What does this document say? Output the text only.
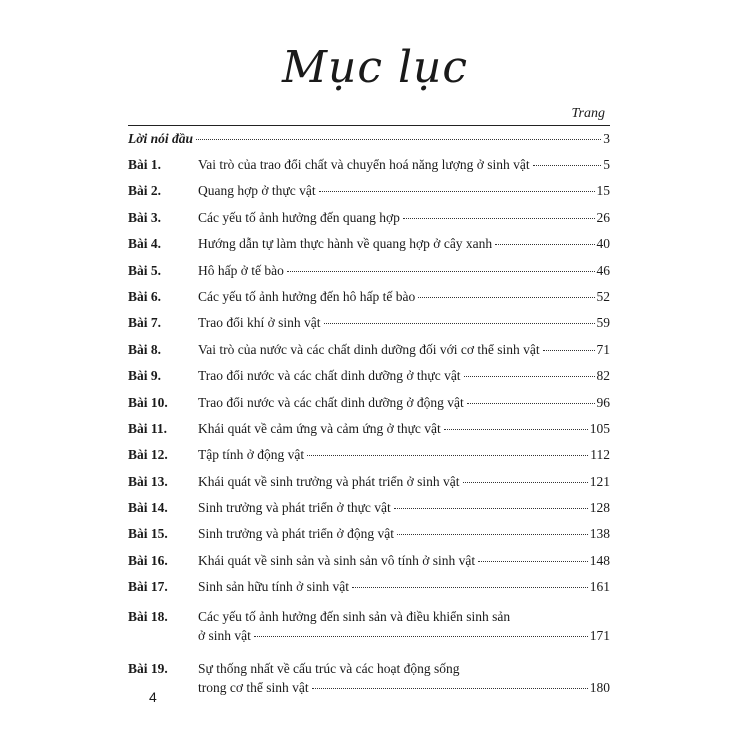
Mục lục
Trang
Lời nói đầu	3
Bài 1.	Vai trò của trao đổi chất và chuyển hoá năng lượng ở sinh vật	5
Bài 2.	Quang hợp ở thực vật	15
Bài 3.	Các yếu tố ảnh hưởng đến quang hợp	26
Bài 4.	Hướng dẫn tự làm thực hành về quang hợp ở cây xanh	40
Bài 5.	Hô hấp ở tế bào	46
Bài 6.	Các yếu tố ảnh hưởng đến hô hấp tế bào	52
Bài 7.	Trao đổi khí ở sinh vật	59
Bài 8.	Vai trò của nước và các chất dinh dưỡng đối với cơ thể sinh vật	71
Bài 9.	Trao đổi nước và các chất dinh dưỡng ở thực vật	82
Bài 10.	Trao đổi nước và các chất dinh dưỡng ở động vật	96
Bài 11.	Khái quát về cảm ứng và cảm ứng ở thực vật	105
Bài 12.	Tập tính ở động vật	112
Bài 13.	Khái quát về sinh trưởng và phát triển ở sinh vật	121
Bài 14.	Sinh trưởng và phát triển ở thực vật	128
Bài 15.	Sinh trưởng và phát triển ở động vật	138
Bài 16.	Khái quát về sinh sản và sinh sản vô tính ở sinh vật	148
Bài 17.	Sinh sản hữu tính ở sinh vật	161
Bài 18.	Các yếu tố ảnh hưởng đến sinh sản và điều khiển sinh sản
ở sinh vật	171
Bài 19.	Sự thống nhất về cấu trúc và các hoạt động sống
trong cơ thể sinh vật	180
4
